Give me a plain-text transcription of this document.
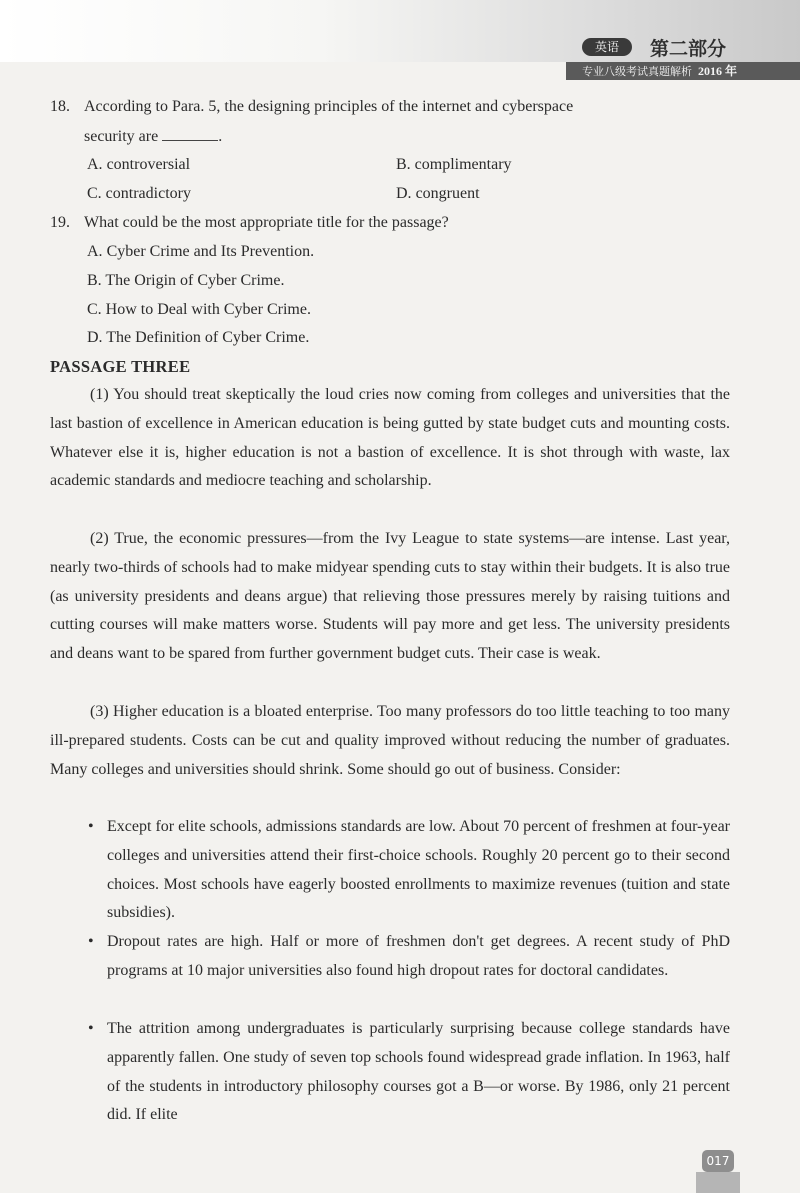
英语	第二部分
专业八级考试真题解析 2016 年
18. According to Para. 5, the designing principles of the internet and cyberspace
security are	.
A. controversial	B. complimentary
C. contradictory	D. congruent
19. What could be the most appropriate title for the passage?
A. Cyber Crime and Its Prevention.
B. The Origin of Cyber Crime.
C. How to Deal with Cyber Crime.
D. The Definition of Cyber Crime.
PASSAGE THREE

(1) You should treat skeptically the loud cries now coming from colleges and universities that the last bastion of excellence in American education is being gutted by state budget cuts and mounting costs. Whatever else it is, higher education is not a bastion of excellence. It is shot through with waste, lax academic standards and mediocre teaching and scholarship.

(2) True, the economic pressures—from the Ivy League to state systems—are intense. Last year, nearly two-thirds of schools had to make midyear spending cuts to stay within their budgets. It is also true (as university presidents and deans argue) that relieving those pressures merely by raising tuitions and cutting courses will make matters worse. Students will pay more and get less. The university presidents and deans want to be spared from further government budget cuts. Their case is weak.

(3) Higher education is a bloated enterprise. Too many professors do too little teaching to too many ill-prepared students. Costs can be cut and quality improved without reducing the number of graduates. Many colleges and universities should shrink. Some should go out of business. Consider:

• Except for elite schools, admissions standards are low. About 70 percent of freshmen at four-year colleges and universities attend their first-choice schools. Roughly 20 percent go to their second choices. Most schools have eagerly boosted enrollments to maximize revenues (tuition and state subsidies).
• Dropout rates are high. Half or more of freshmen don't get degrees. A recent study of PhD programs at 10 major universities also found high dropout rates for doctoral candidates.
• The attrition among undergraduates is particularly surprising because college standards have apparently fallen. One study of seven top schools found widespread grade inflation. In 1963, half of the students in introductory philosophy courses got a B—or worse. By 1986, only 21 percent did. If elite
017
